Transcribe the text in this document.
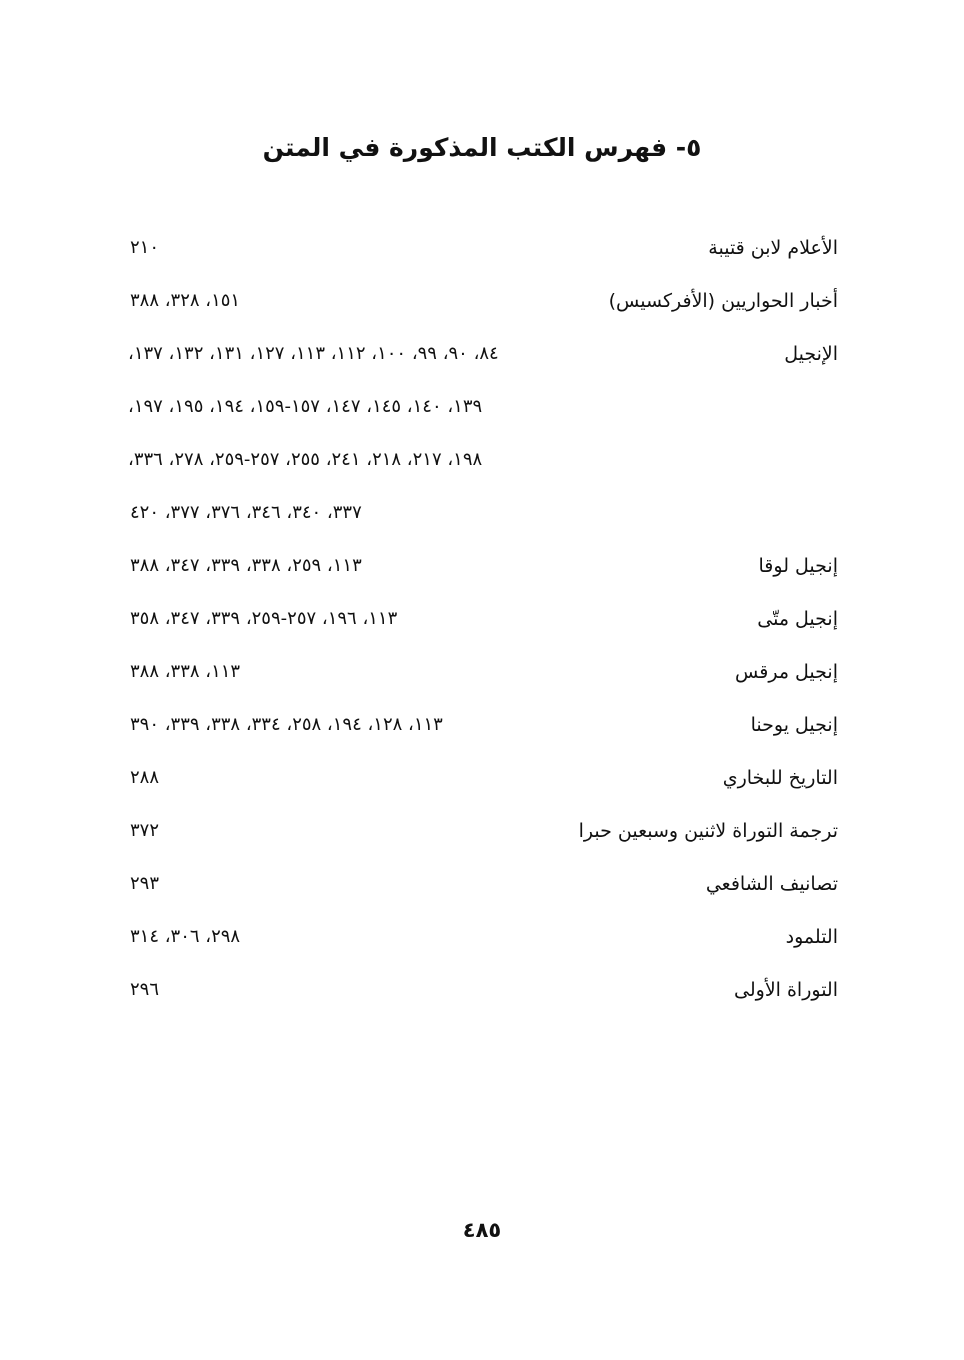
٥- فهرس الكتب المذكورة في المتن
الأعلام لابن قتيبة
٢١٠
أخبار الحواريين (الأفركسيس)
١٥١، ٣٢٨، ٣٨٨
الإنجيل
٨٤، ٩٠، ٩٩، ١٠٠، ١١٢، ١١٣، ١٢٧، ١٣١، ١٣٢، ١٣٧،
١٣٩، ١٤٠، ١٤٥، ١٤٧، ١٥٧-١٥٩، ١٩٤، ١٩٥، ١٩٧،
١٩٨، ٢١٧، ٢١٨، ٢٤١، ٢٥٥، ٢٥٧-٢٥٩، ٢٧٨، ٣٣٦،
٣٣٧، ٣٤٠، ٣٤٦، ٣٧٦، ٣٧٧، ٤٢٠
إنجيل لوقا
١١٣، ٢٥٩، ٣٣٨، ٣٣٩، ٣٤٧، ٣٨٨
إنجيل متّى
١١٣، ١٩٦، ٢٥٧-٢٥٩، ٣٣٩، ٣٤٧، ٣٥٨
إنجيل مرقس
١١٣، ٣٣٨، ٣٨٨
إنجيل يوحنا
١١٣، ١٢٨، ١٩٤، ٢٥٨، ٣٣٤، ٣٣٨، ٣٣٩، ٣٩٠
التاريخ للبخاري
٢٨٨
ترجمة التوراة لاثنين وسبعين حبرا
٣٧٢
تصانيف الشافعي
٢٩٣
التلمود
٢٩٨، ٣٠٦، ٣١٤
التوراة الأولى
٢٩٦
٤٨٥
